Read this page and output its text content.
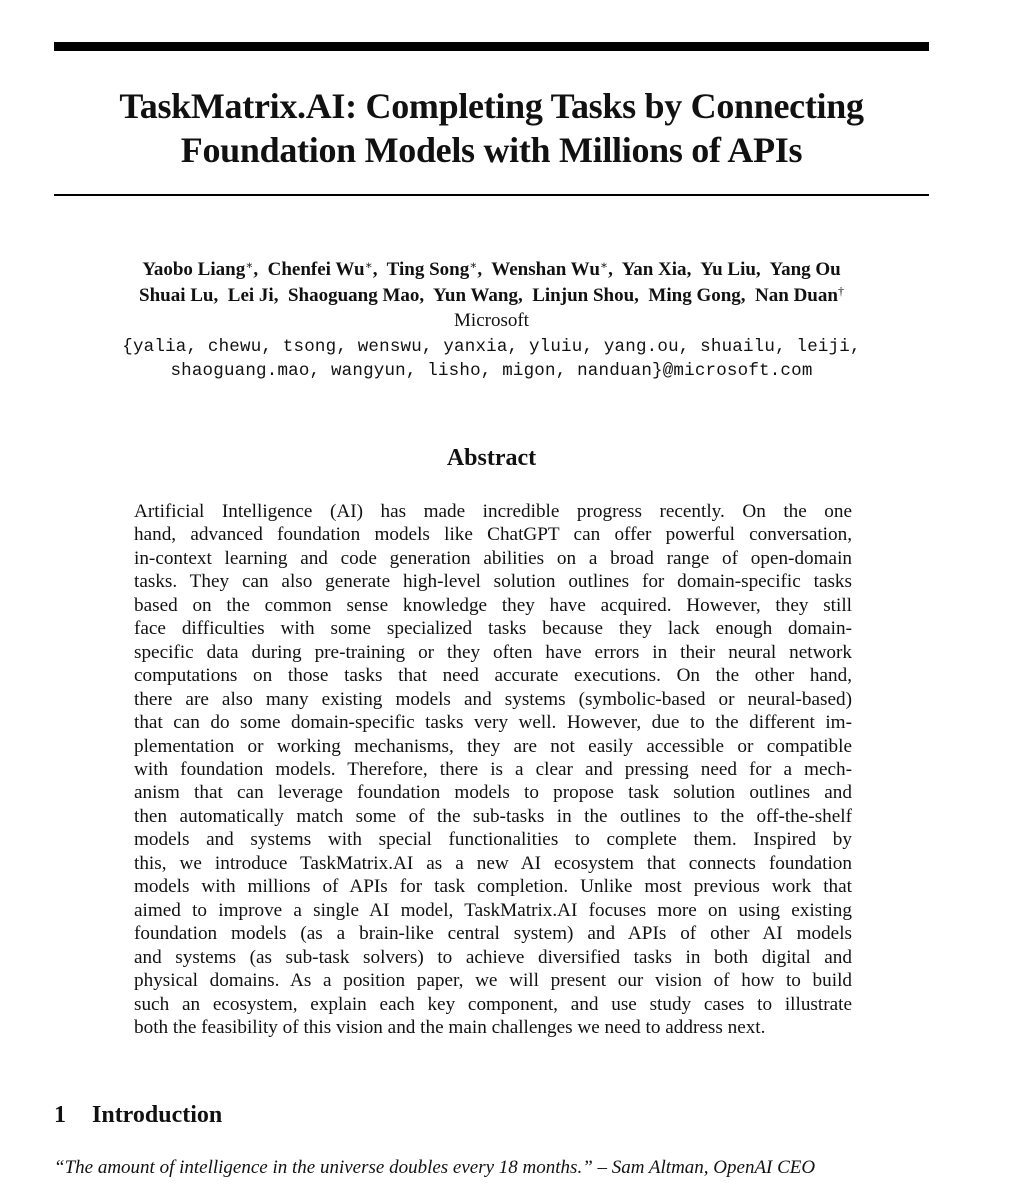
TaskMatrix.AI: Completing Tasks by Connecting
Foundation Models with Millions of APIs
Yaobo Liang∗,  Chenfei Wu∗,  Ting Song∗,  Wenshan Wu∗,  Yan Xia,  Yu Liu,  Yang Ou
Shuai Lu,  Lei Ji,  Shaoguang Mao,  Yun Wang,  Linjun Shou,  Ming Gong,  Nan Duan†
Microsoft
{yalia, chewu, tsong, wenswu, yanxia, yluiu, yang.ou, shuailu, leiji,
shaoguang.mao, wangyun, lisho, migon, nanduan}@microsoft.com
Abstract
Artificial Intelligence (AI) has made incredible progress recently. On the one
hand, advanced foundation models like ChatGPT can offer powerful conversation,
in-context learning and code generation abilities on a broad range of open-domain
tasks. They can also generate high-level solution outlines for domain-specific tasks
based on the common sense knowledge they have acquired. However, they still
face difficulties with some specialized tasks because they lack enough domain-
specific data during pre-training or they often have errors in their neural network
computations on those tasks that need accurate executions. On the other hand,
there are also many existing models and systems (symbolic-based or neural-based)
that can do some domain-specific tasks very well. However, due to the different im-
plementation or working mechanisms, they are not easily accessible or compatible
with foundation models. Therefore, there is a clear and pressing need for a mech-
anism that can leverage foundation models to propose task solution outlines and
then automatically match some of the sub-tasks in the outlines to the off-the-shelf
models and systems with special functionalities to complete them. Inspired by
this, we introduce TaskMatrix.AI as a new AI ecosystem that connects foundation
models with millions of APIs for task completion. Unlike most previous work that
aimed to improve a single AI model, TaskMatrix.AI focuses more on using existing
foundation models (as a brain-like central system) and APIs of other AI models
and systems (as sub-task solvers) to achieve diversified tasks in both digital and
physical domains. As a position paper, we will present our vision of how to build
such an ecosystem, explain each key component, and use study cases to illustrate
both the feasibility of this vision and the main challenges we need to address next.
1 Introduction
“The amount of intelligence in the universe doubles every 18 months.” – Sam Altman, OpenAI CEO
